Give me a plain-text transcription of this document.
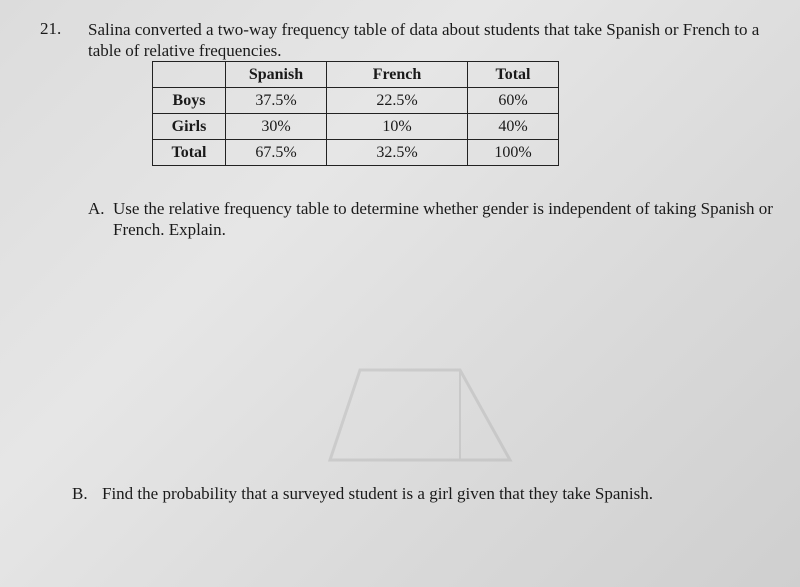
21. Salina converted a two-way frequency table of data about students that take Spanish or French to a table of relative frequencies.
	Spanish	French	Total
Boys	37.5%	22.5%	60%
Girls	30%	10%	40%
Total	67.5%	32.5%	100%
A. Use the relative frequency table to determine whether gender is independent of taking Spanish or French. Explain.
B. Find the probability that a surveyed student is a girl given that they take Spanish.
